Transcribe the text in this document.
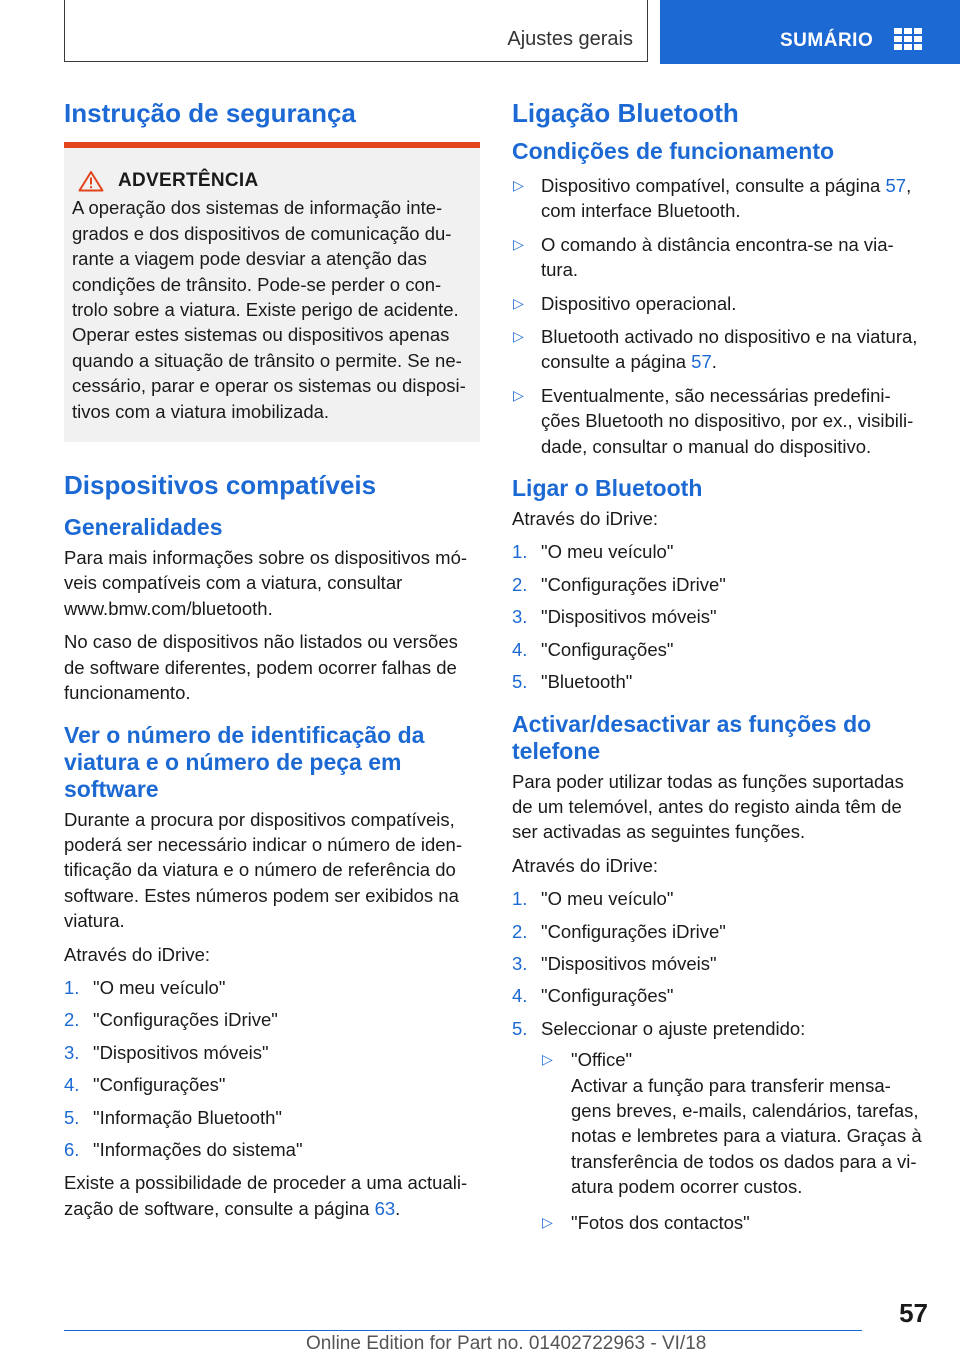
Ajustes gerais	SUMÁRIO
Instrução de segurança
ADVERTÊNCIA
A operação dos sistemas de informação inte-
grados e dos dispositivos de comunicação du-
rante a viagem pode desviar a atenção das
condições de trânsito. Pode-se perder o con-
trolo sobre a viatura. Existe perigo de acidente.
Operar estes sistemas ou dispositivos apenas
quando a situação de trânsito o permite. Se ne-
cessário, parar e operar os sistemas ou disposi-
tivos com a viatura imobilizada.
Dispositivos compatíveis
Generalidades

Para mais informações sobre os dispositivos mó-
veis compatíveis com a viatura, consultar
www.bmw.com/bluetooth.

No caso de dispositivos não listados ou versões
de software diferentes, podem ocorrer falhas de
funcionamento.

Ver o número de identificação da
viatura e o número de peça em
software

Durante a procura por dispositivos compatíveis,
poderá ser necessário indicar o número de iden-
tificação da viatura e o número de referência do
software. Estes números podem ser exibidos na
viatura.

Através do iDrive:

1. "O meu veículo"
2. "Configurações iDrive"
3. "Dispositivos móveis"
4. "Configurações"
5. "Informação Bluetooth"
6. "Informações do sistema"

Existe a possibilidade de proceder a uma actuali-
zação de software, consulte a página 63.

Ligação Bluetooth
Condições de funcionamento
▷ Dispositivo compatível, consulte a página 57,
com interface Bluetooth.
▷ O comando à distância encontra-se na via-
tura.
▷ Dispositivo operacional.
▷ Bluetooth activado no dispositivo e na viatura,
consulte a página 57.
▷ Eventualmente, são necessárias predefini-
ções Bluetooth no dispositivo, por ex., visibili-
dade, consultar o manual do dispositivo.
Ligar o Bluetooth

Através do iDrive:

1. "O meu veículo"
2. "Configurações iDrive"
3. "Dispositivos móveis"
4. "Configurações"
5. "Bluetooth"
Activar/desactivar as funções do
telefone

Para poder utilizar todas as funções suportadas
de um telemóvel, antes do registo ainda têm de
ser activadas as seguintes funções.

Através do iDrive:

1. "O meu veículo"
2. "Configurações iDrive"
3. "Dispositivos móveis"
4. "Configurações"
5. Seleccionar o ajuste pretendido:
▷ "Office"
Activar a função para transferir mensa-
gens breves, e-mails, calendários, tarefas,
notas e lembretes para a viatura. Graças à
transferência de todos os dados para a vi-
atura podem ocorrer custos.
▷ "Fotos dos contactos"
57
Online Edition for Part no. 01402722963 - VI/18
